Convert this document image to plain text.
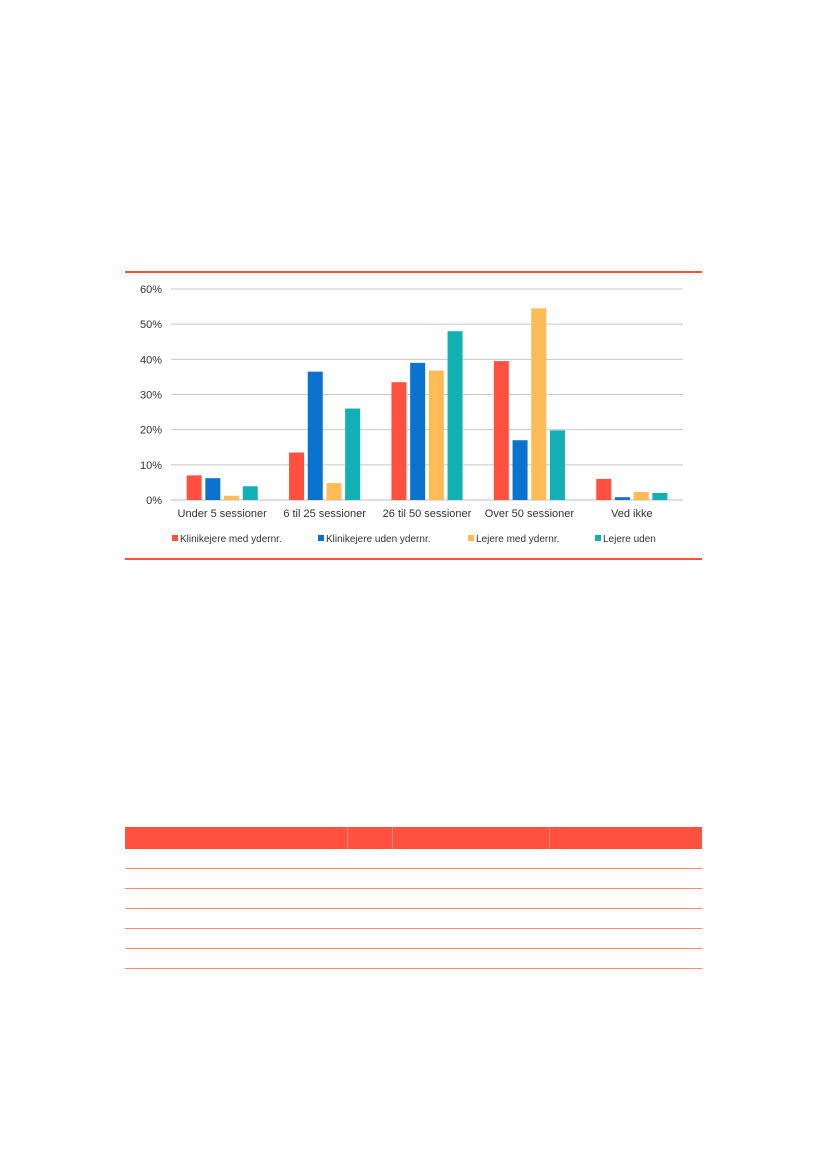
0%
10%
20%
30%
40%
50%
60%
Under 5 sessioner 6 til 25 sessioner 26 til 50 sessioner Over 50 sessioner	Ved ikke
Klinikejere med ydernr.	Klinikejere uden ydernr.	Lejere med ydernr.	Lejere uden
